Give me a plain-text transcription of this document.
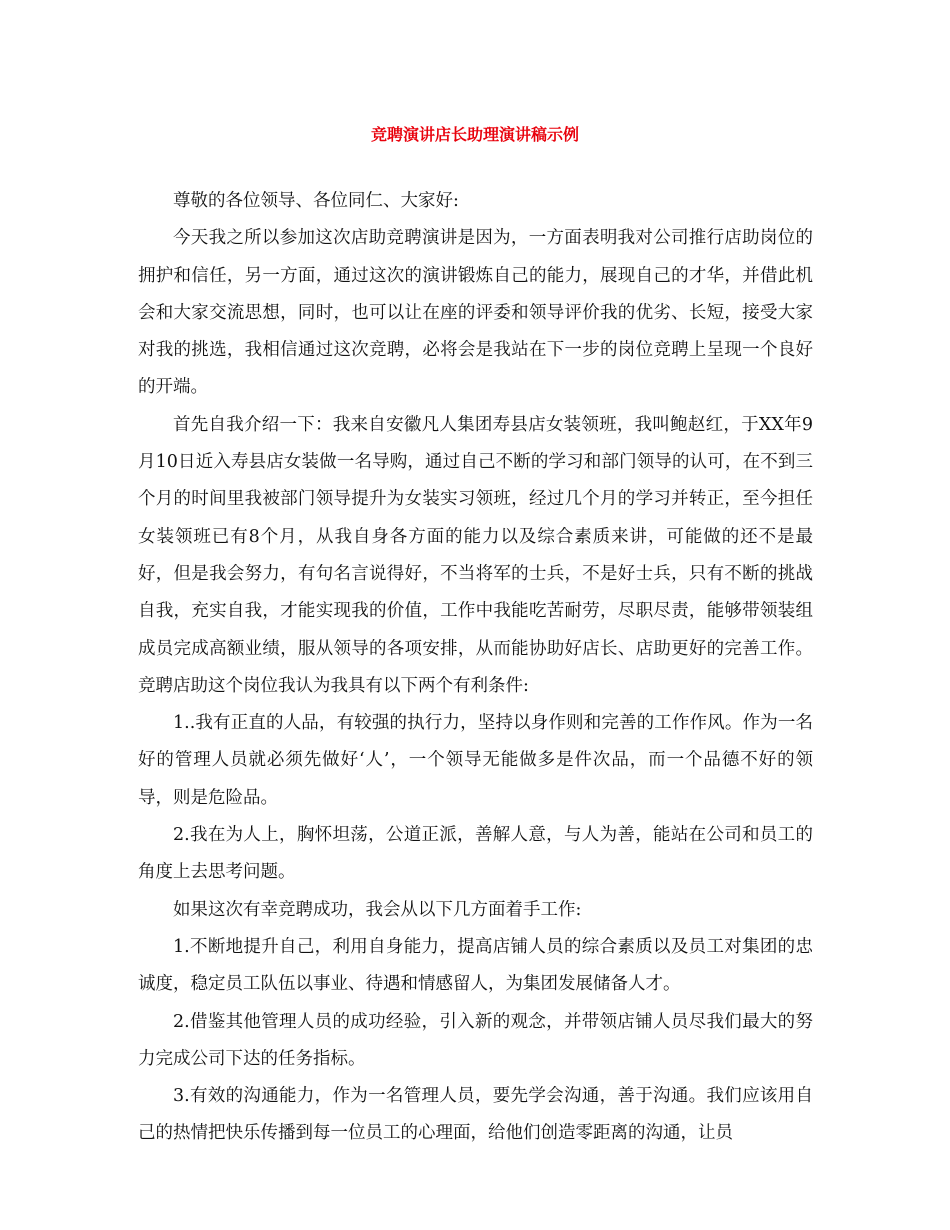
竞聘演讲店长助理演讲稿示例

尊敬的各位领导、各位同仁、大家好:

今天我之所以参加这次店助竞聘演讲是因为，一方面表明我对公司推行店助岗位的拥护和信任，另一方面，通过这次的演讲锻炼自己的能力，展现自己的才华，并借此机会和大家交流思想，同时，也可以让在座的评委和领导评价我的优劣、长短，接受大家对我的挑选，我相信通过这次竞聘，必将会是我站在下一步的岗位竞聘上呈现一个良好的开端。

首先自我介绍一下：我来自安徽凡人集团寿县店女装领班，我叫鲍赵红，于XX年9月10日近入寿县店女装做一名导购，通过自己不断的学习和部门领导的认可，在不到三个月的时间里我被部门领导提升为女装实习领班，经过几个月的学习并转正，至今担任女装领班已有8个月，从我自身各方面的能力以及综合素质来讲，可能做的还不是最好，但是我会努力，有句名言说得好，不当将军的士兵，不是好士兵，只有不断的挑战自我，充实自我，才能实现我的价值，工作中我能吃苦耐劳，尽职尽责，能够带领装组成员完成高额业绩，服从领导的各项安排，从而能协助好店长、店助更好的完善工作。竞聘店助这个岗位我认为我具有以下两个有利条件:

1..我有正直的人品，有较强的执行力，坚持以身作则和完善的工作作风。作为一名好的管理人员就必须先做好‘人’，一个领导无能做多是件次品，而一个品德不好的领导，则是危险品。

2.我在为人上，胸怀坦荡，公道正派，善解人意，与人为善，能站在公司和员工的角度上去思考问题。

如果这次有幸竞聘成功，我会从以下几方面着手工作:

1.不断地提升自己，利用自身能力，提高店铺人员的综合素质以及员工对集团的忠诚度，稳定员工队伍以事业、待遇和情感留人，为集团发展储备人才。

2.借鉴其他管理人员的成功经验，引入新的观念，并带领店铺人员尽我们最大的努力完成公司下达的任务指标。

3.有效的沟通能力，作为一名管理人员，要先学会沟通，善于沟通。我们应该用自己的热情把快乐传播到每一位员工的心理面，给他们创造零距离的沟通，让员
